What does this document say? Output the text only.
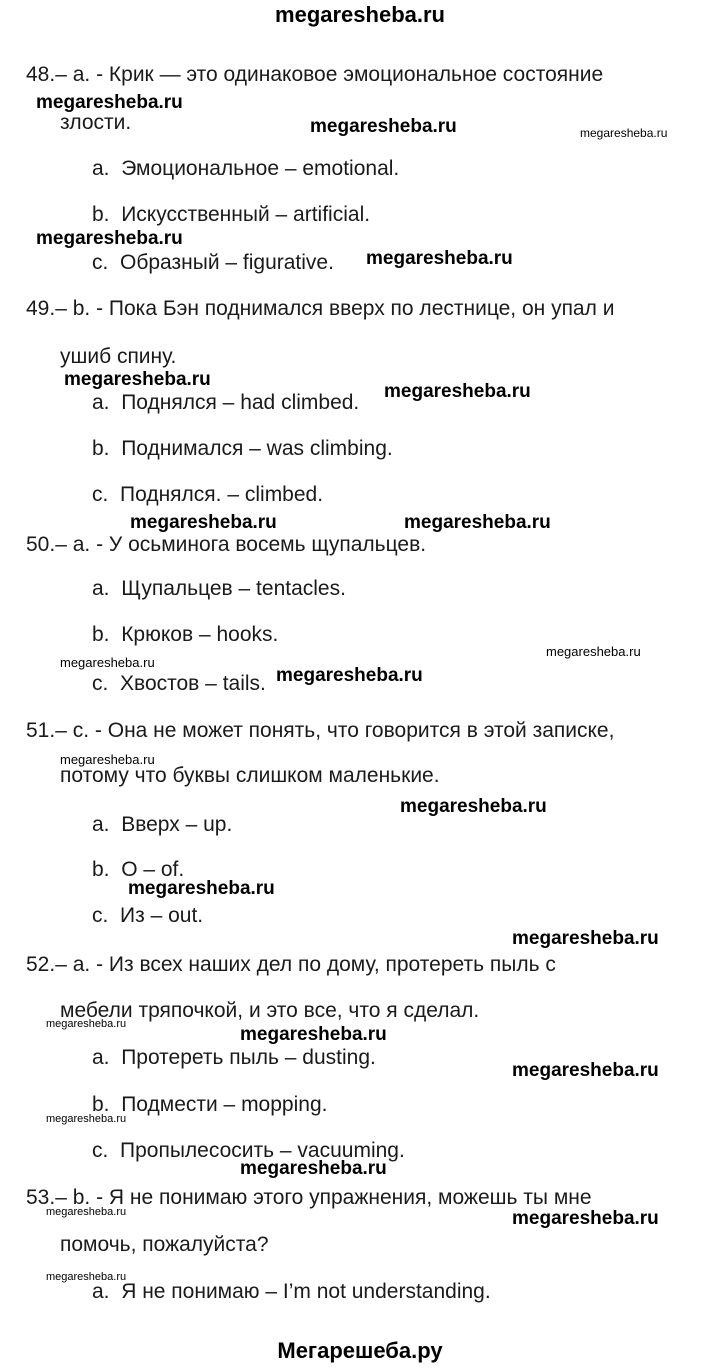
megaresheba.ru
48.– a. - Крик — это одинаковое эмоциональное состояние
злости.
a. Эмоциональное – emotional.
b. Искусственный – artificial.
c. Образный – figurative.
49.– b. - Пока Бэн поднимался вверх по лестнице, он упал и
ушиб спину.
a. Поднялся – had climbed.
b. Поднимался – was climbing.
c. Поднялся. – climbed.
50.– a. - У осьминога восемь щупальцев.
a. Щупальцев – tentacles.
b. Крюков – hooks.
c. Хвостов – tails.
51.– c. - Она не может понять, что говорится в этой записке,
потому что буквы слишком маленькие.
a. Вверх – up.
b. О – of.
c. Из – out.
52.– a. - Из всех наших дел по дому, протереть пыль с
мебели тряпочкой, и это все, что я сделал.
a. Протереть пыль – dusting.
b. Подмести – mopping.
c. Пропылесосить – vacuuming.
53.– b. - Я не понимаю этого упражнения, можешь ты мне
помочь, пожалуйста?
a. Я не понимаю – I’m not understanding.
Мегарешеба.ру
megaresheba.ru
megaresheba.ru	megaresheba.ru
megaresheba.ru
megaresheba.ru
megaresheba.ru
megaresheba.ru
megaresheba.ru	megaresheba.ru
megaresheba.ru
megaresheba.ru
megaresheba.ru
megaresheba.ru
megaresheba.ru
megaresheba.ru
megaresheba.ru
megaresheba.ru	megaresheba.ru
megaresheba.ru
megaresheba.ru
megaresheba.ru
megaresheba.ru	megaresheba.ru
megaresheba.ru
